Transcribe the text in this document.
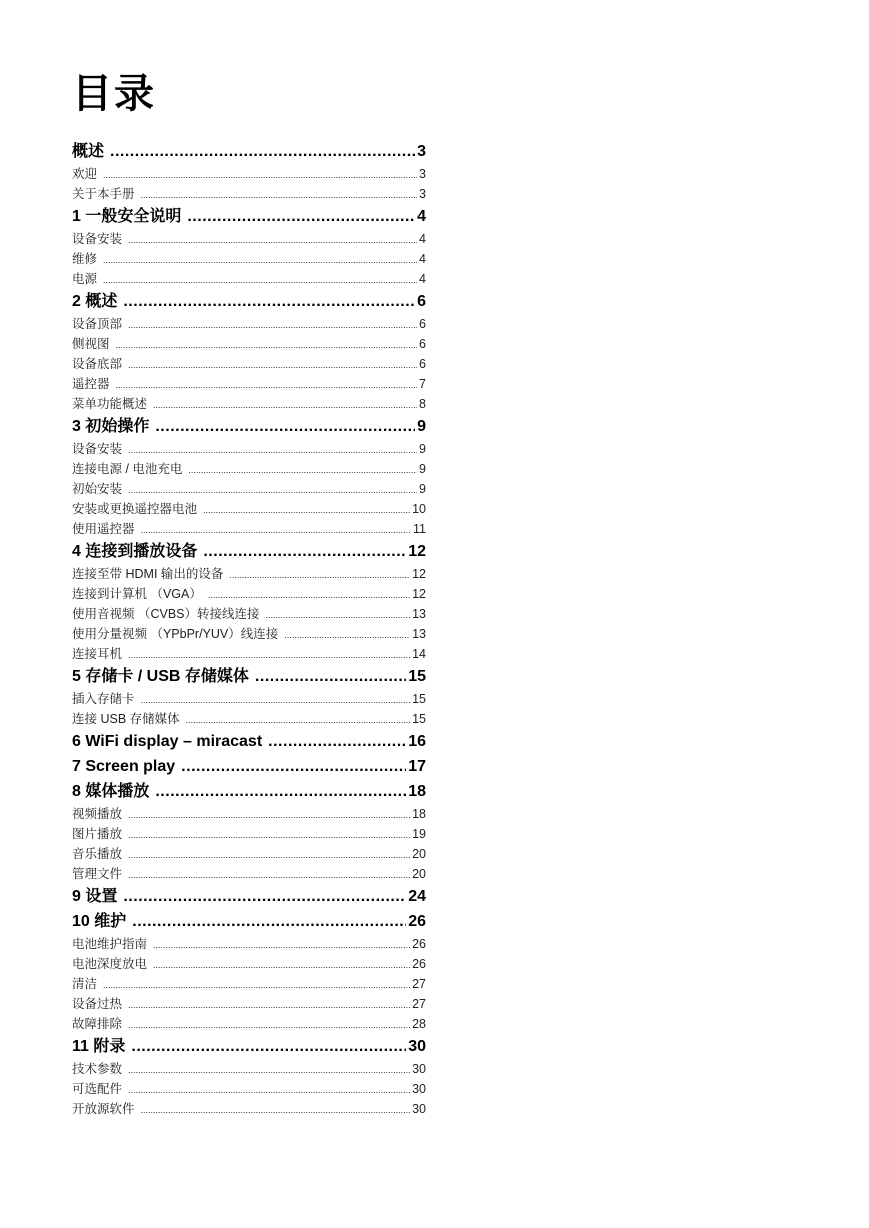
目录
概述 .....	3
欢迎 .....	3
关于本手册 .....	3
1 一般安全说明 .....	4
设备安装 .....	4
维修 .....	4
电源 .....	4
2 概述 .....	6
设备顶部 .....	6
侧视图 .....	6
设备底部 .....	6
遥控器 .....	7
菜单功能概述 .....	8
3 初始操作 .....	9
设备安装 .....	9
连接电源 / 电池充电 .....	9
初始安装 .....	9
安装或更换遥控器电池 .....	10
使用遥控器 .....	11
4 连接到播放设备 .....	12
连接至带 HDMI 输出的设备 .....	12
连接到计算机 （VGA） .....	12
使用音视频 （CVBS）转接线连接 .....	13
使用分量视频 （YPbPr/YUV）线连接 .....	13
连接耳机 .....	14
5 存储卡 / USB 存储媒体 .....	15
插入存储卡 .....	15
连接 USB 存储媒体 .....	15
6 WiFi display – miracast .....	16
7 Screen play .....	17
8 媒体播放 .....	18
视频播放 .....	18
图片播放 .....	19
音乐播放 .....	20
管理文件 .....	20
9 设置 .....	24
10 维护 .....	26
电池维护指南 .....	26
电池深度放电 .....	26
清洁 .....	27
设备过热 .....	27
故障排除 .....	28
11 附录 .....	30
技术参数 .....	30
可选配件 .....	30
开放源软件 .....	30
